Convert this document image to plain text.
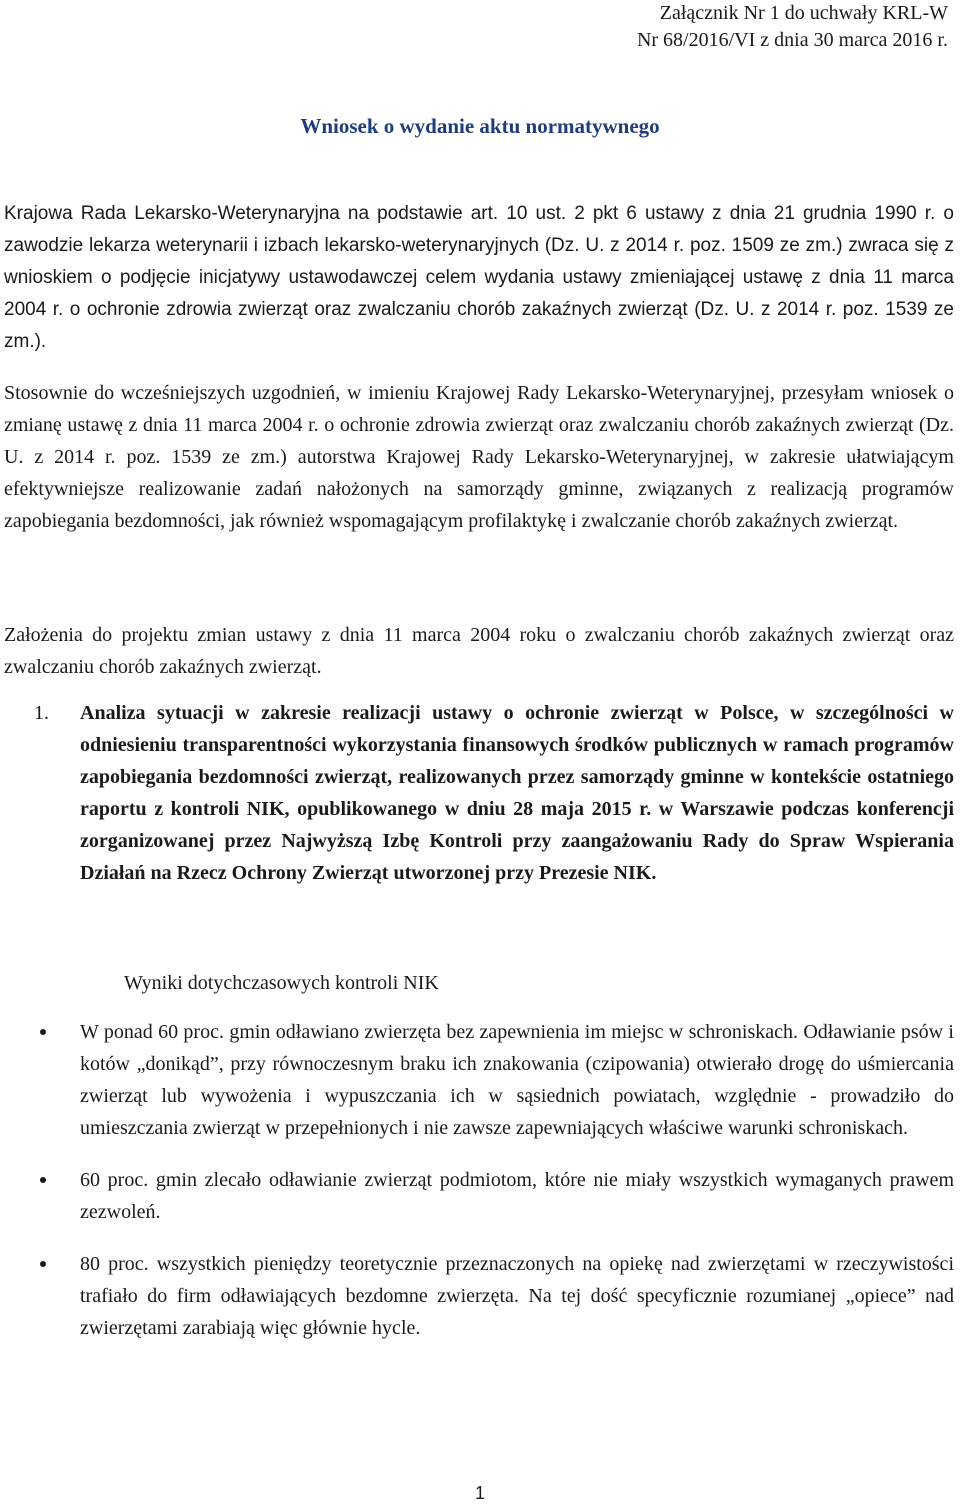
Załącznik Nr 1 do uchwały KRL-W
Nr 68/2016/VI z dnia 30 marca 2016 r.
Wniosek o wydanie aktu normatywnego

Krajowa Rada Lekarsko-Weterynaryjna na podstawie art. 10 ust. 2 pkt 6 ustawy z dnia 21 grudnia 1990 r. o zawodzie lekarza weterynarii i izbach lekarsko-weterynaryjnych (Dz. U. z 2014 r. poz. 1509 ze zm.) zwraca się z wnioskiem o podjęcie inicjatywy ustawodawczej celem wydania ustawy zmieniającej ustawę z dnia 11 marca 2004 r. o ochronie zdrowia zwierząt oraz zwalczaniu chorób zakaźnych zwierząt (Dz. U. z 2014 r. poz. 1539 ze zm.).

Stosownie do wcześniejszych uzgodnień, w imieniu Krajowej Rady Lekarsko-Weterynaryjnej, przesyłam wniosek o zmianę ustawę z dnia 11 marca 2004 r. o ochronie zdrowia zwierząt oraz zwalczaniu chorób zakaźnych zwierząt (Dz. U. z 2014 r. poz. 1539 ze zm.) autorstwa Krajowej Rady Lekarsko-Weterynaryjnej, w zakresie ułatwiającym efektywniejsze realizowanie zadań nałożonych na samorządy gminne, związanych z realizacją programów zapobiegania bezdomności, jak również wspomagającym profilaktykę i zwalczanie chorób zakaźnych zwierząt.

Założenia do projektu zmian ustawy z dnia 11 marca 2004 roku o zwalczaniu chorób zakaźnych zwierząt oraz zwalczaniu chorób zakaźnych zwierząt.

1. Analiza sytuacji w zakresie realizacji ustawy o ochronie zwierząt w Polsce, w szczególności w odniesieniu transparentności wykorzystania finansowych środków publicznych w ramach programów zapobiegania bezdomności zwierząt, realizowanych przez samorządy gminne w kontekście ostatniego raportu z kontroli NIK, opublikowanego w dniu 28 maja 2015 r. w Warszawie podczas konferencji zorganizowanej przez Najwyższą Izbę Kontroli przy zaangażowaniu Rady do Spraw Wspierania Działań na Rzecz Ochrony Zwierząt utworzonej przy Prezesie NIK.
Wyniki dotychczasowych kontroli NIK
W ponad 60 proc. gmin odławiano zwierzęta bez zapewnienia im miejsc w schroniskach. Odławianie psów i kotów „donikąd”, przy równoczesnym braku ich znakowania (czipowania) otwierało drogę do uśmiercania zwierząt lub wywożenia i wypuszczania ich w sąsiednich powiatach, względnie - prowadziło do umieszczania zwierząt w przepełnionych i nie zawsze zapewniających właściwe warunki schroniskach.
60 proc. gmin zlecało odławianie zwierząt podmiotom, które nie miały wszystkich wymaganych prawem zezwoleń.
80 proc. wszystkich pieniędzy teoretycznie przeznaczonych na opiekę nad zwierzętami w rzeczywistości trafiało do firm odławiających bezdomne zwierzęta. Na tej dość specyficznie rozumianej „opiece” nad zwierzętami zarabiają więc głównie hycle.
1
